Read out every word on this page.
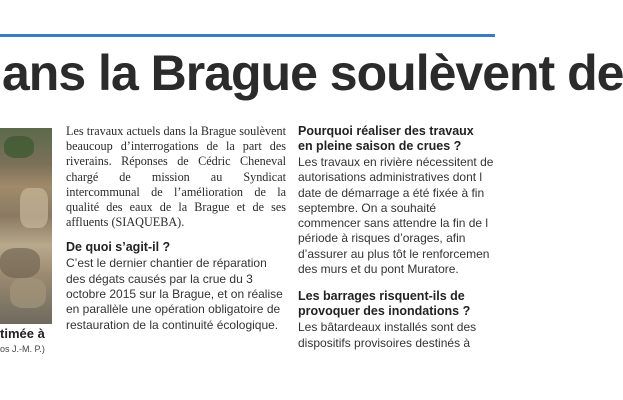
ans la Brague soulèvent de
timée à
os J.-M. P.)

Les travaux actuels dans la Brague soulèvent beaucoup d’interrogations de la part des riverains. Réponses de Cédric Cheneval chargé de mission au Syndicat intercommunal de l’amélioration de la qualité des eaux de la Brague et de ses affluents (SIAQUEBA).

De quoi s’agit-il ?

C’est le dernier chantier de réparation des dégats causés par la crue du 3 octobre 2015 sur la Brague, et on réalise en parallèle une opération obligatoire de restauration de la continuité écologique.

Pourquoi réaliser des travaux
en pleine saison de crues ?

Les travaux en rivière nécessitent de
autorisations administratives dont l
date de démarrage a été fixée à fin
septembre. On a souhaité
commencer sans attendre la fin de l
période à risques d’orages, afin
d’assurer au plus tôt le renforcemen
des murs et du pont Muratore.

Les barrages risquent-ils de
provoquer des inondations ?

Les bâtardeaux installés sont des
dispositifs provisoires destinés à
